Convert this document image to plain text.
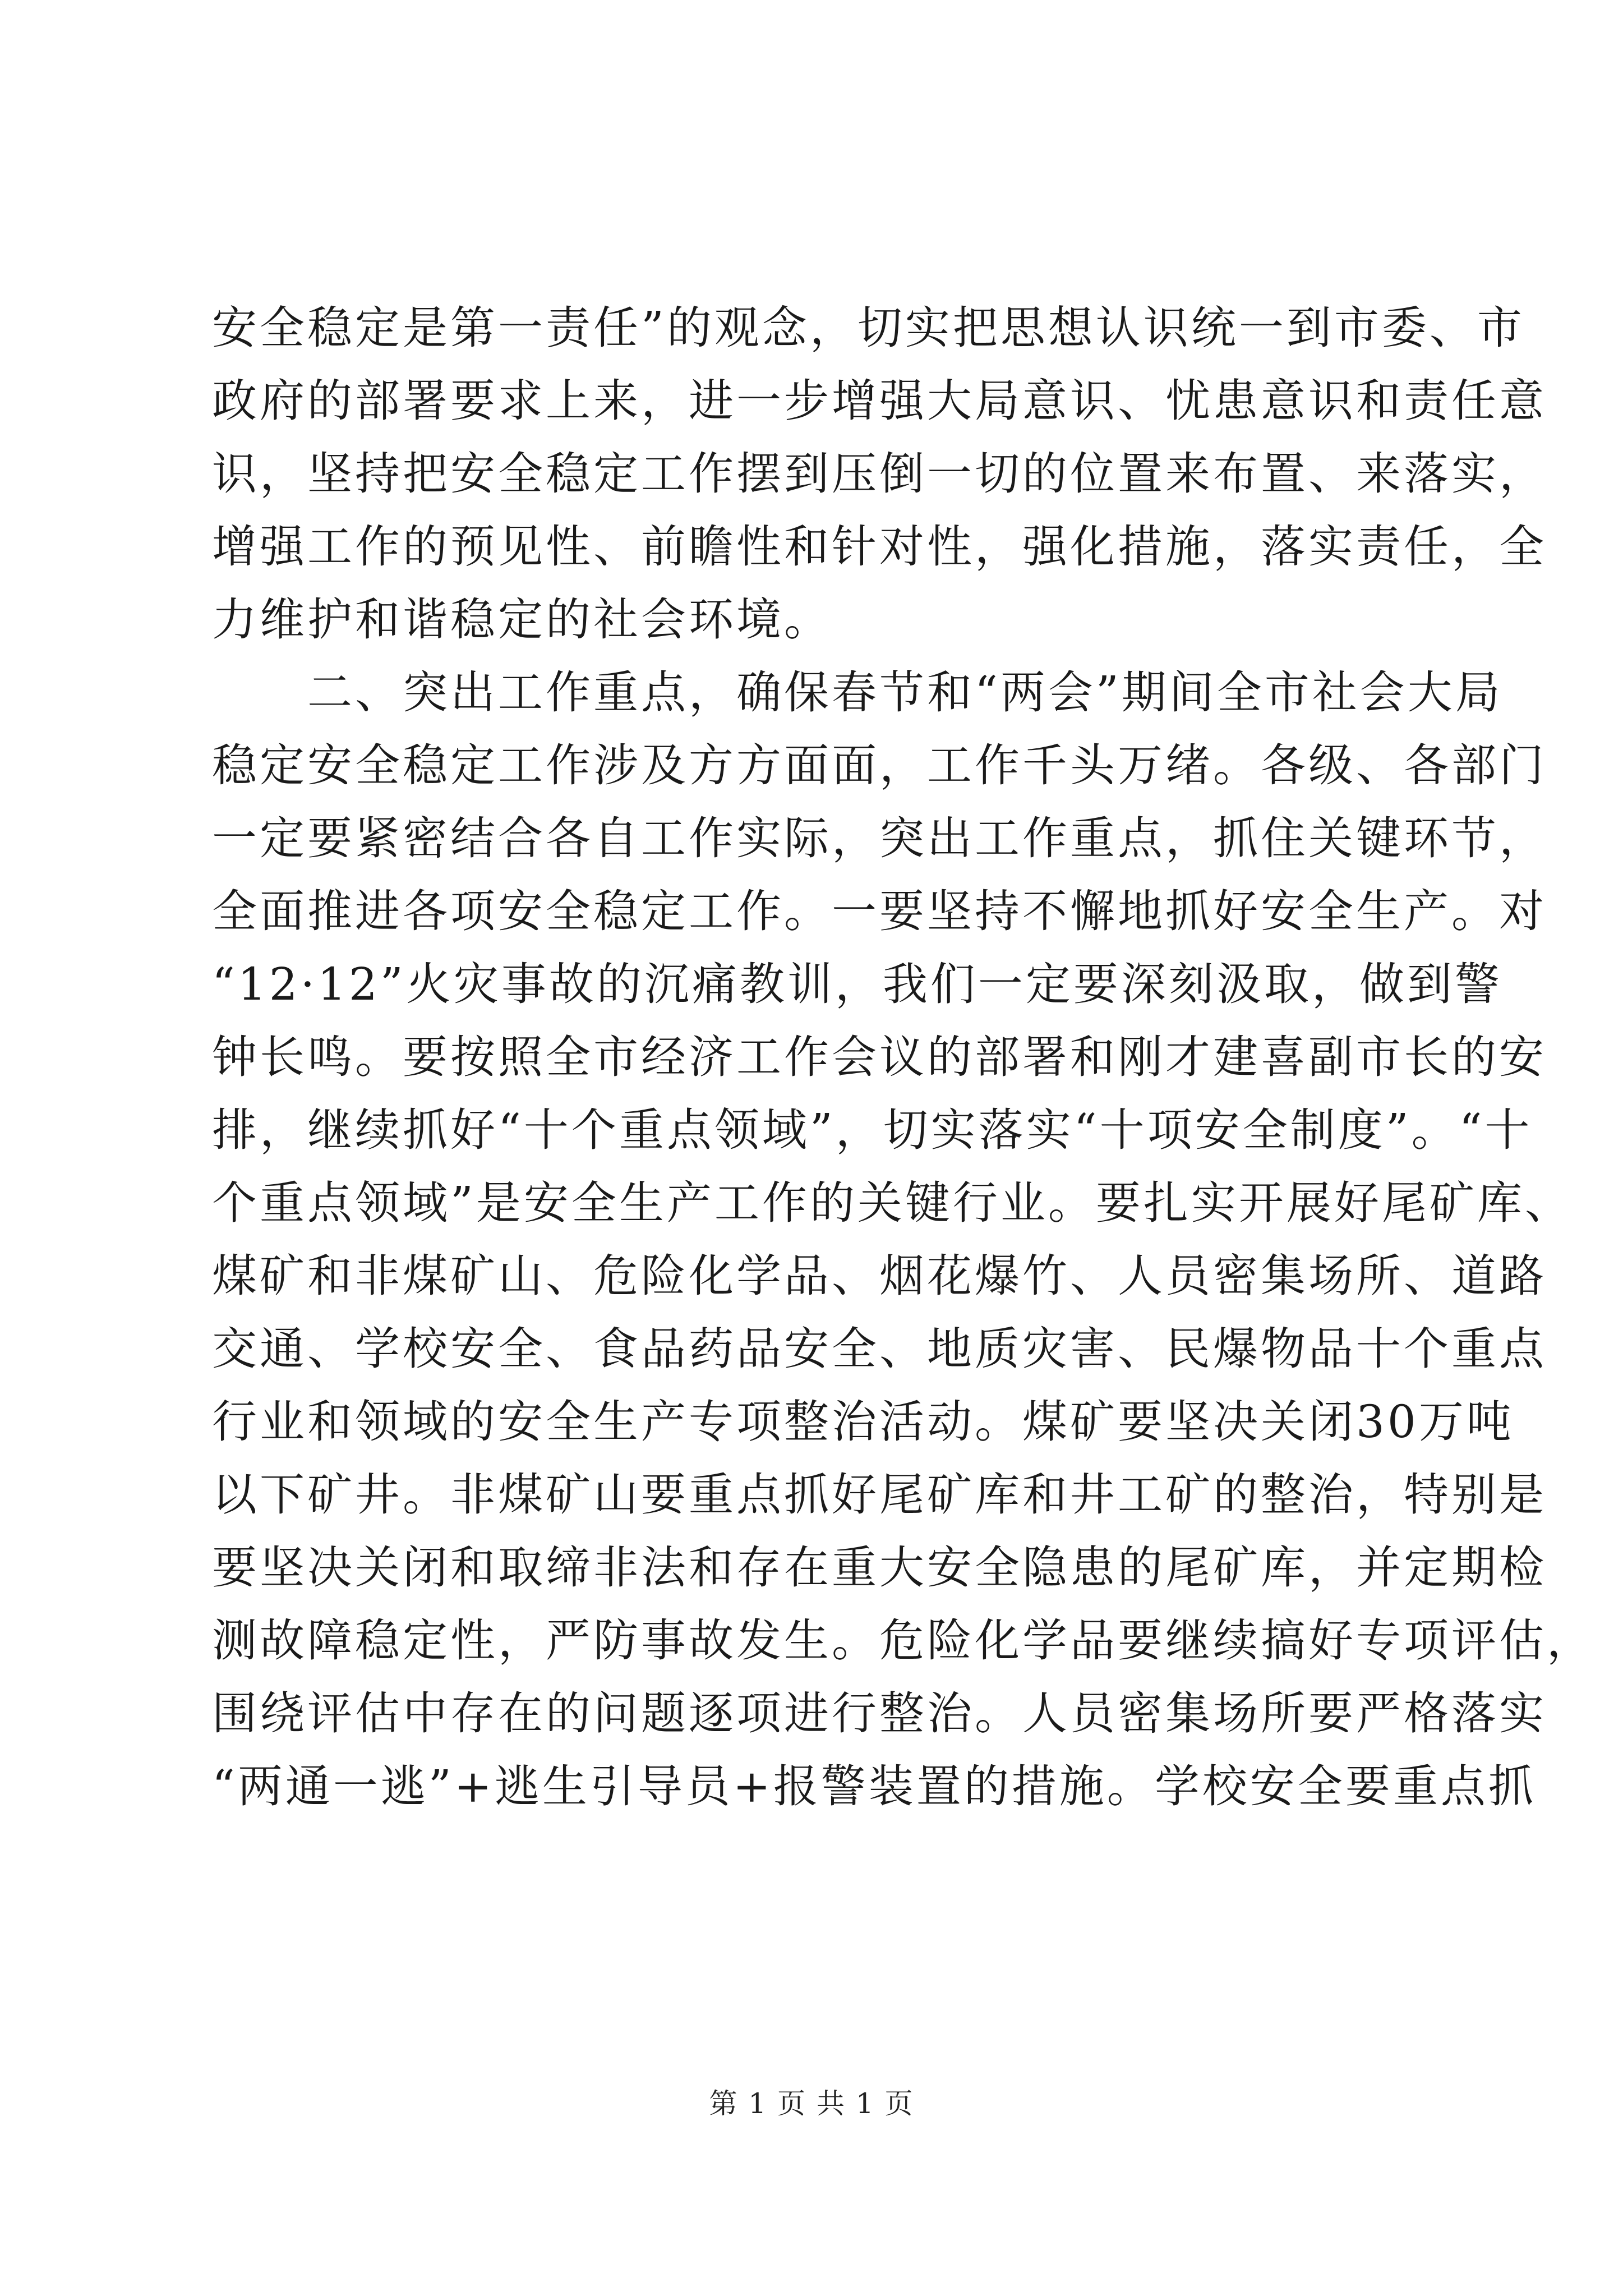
安全稳定是第一责任”的观念，切实把思想认识统一到市委、市
政府的部署要求上来，进一步增强大局意识、忧患意识和责任意
识，坚持把安全稳定工作摆到压倒一切的位置来布置、来落实，
增强工作的预见性、前瞻性和针对性，强化措施，落实责任，全
力维护和谐稳定的社会环境。
二、突出工作重点，确保春节和“两会”期间全市社会大局
稳定安全稳定工作涉及方方面面，工作千头万绪。各级、各部门
一定要紧密结合各自工作实际，突出工作重点，抓住关键环节，
全面推进各项安全稳定工作。一要坚持不懈地抓好安全生产。对
“12·12”火灾事故的沉痛教训，我们一定要深刻汲取，做到警
钟长鸣。要按照全市经济工作会议的部署和刚才建喜副市长的安
排，继续抓好“十个重点领域”，切实落实“十项安全制度”。“十
个重点领域”是安全生产工作的关键行业。要扎实开展好尾矿库、
煤矿和非煤矿山、危险化学品、烟花爆竹、人员密集场所、道路
交通、学校安全、食品药品安全、地质灾害、民爆物品十个重点
行业和领域的安全生产专项整治活动。煤矿要坚决关闭30万吨
以下矿井。非煤矿山要重点抓好尾矿库和井工矿的整治，特别是
要坚决关闭和取缔非法和存在重大安全隐患的尾矿库，并定期检
测故障稳定性，严防事故发生。危险化学品要继续搞好专项评估，
围绕评估中存在的问题逐项进行整治。人员密集场所要严格落实
“两通一逃”+逃生引导员+报警装置的措施。学校安全要重点抓
第 1 页 共 1 页
